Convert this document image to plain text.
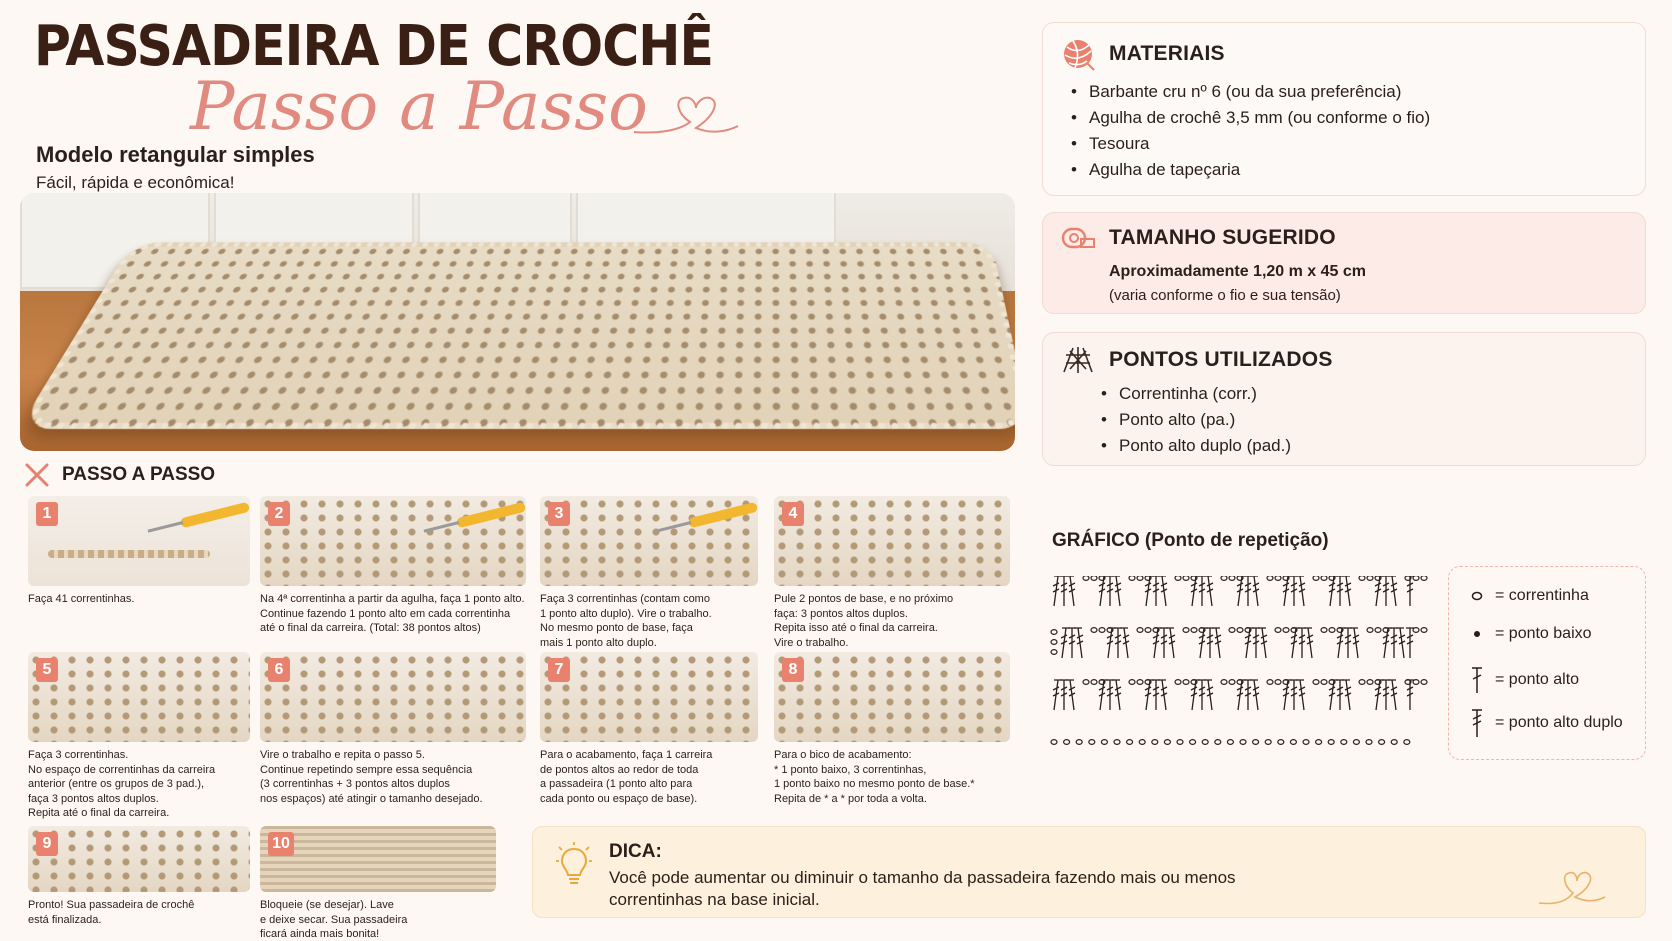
PASSADEIRA DE CROCHÊ
Passo a Passo
Modelo retangular simples
Fácil, rápida e econômica!
PASSO A PASSO
1
Faça 41 correntinhas.
2
Na 4ª correntinha a partir da agulha, faça 1 ponto alto.
Continue fazendo 1 ponto alto em cada correntinha
até o final da carreira. (Total: 38 pontos altos)
3
Faça 3 correntinhas (contam como
1 ponto alto duplo). Vire o trabalho.
No mesmo ponto de base, faça
mais 1 ponto alto duplo.
4
Pule 2 pontos de base, e no próximo
faça: 3 pontos altos duplos.
Repita isso até o final da carreira.
Vire o trabalho.
5
Faça 3 correntinhas.
No espaço de correntinhas da carreira
anterior (entre os grupos de 3 pad.),
faça 3 pontos altos duplos.
Repita até o final da carreira.
6
Vire o trabalho e repita o passo 5.
Continue repetindo sempre essa sequência
(3 correntinhas + 3 pontos altos duplos
nos espaços) até atingir o tamanho desejado.
7
Para o acabamento, faça 1 carreira
de pontos altos ao redor de toda
a passadeira (1 ponto alto para
cada ponto ou espaço de base).
8
Para o bico de acabamento:
* 1 ponto baixo, 3 correntinhas,
1 ponto baixo no mesmo ponto de base.*
Repita de * a * por toda a volta.
9
Pronto! Sua passadeira de crochê
está finalizada.
10
Bloqueie (se desejar). Lave
e deixe secar. Sua passadeira
ficará ainda mais bonita!
MATERIAIS
• Barbante cru nº 6 (ou da sua preferência)
• Agulha de crochê 3,5 mm (ou conforme o fio)
• Tesoura
• Agulha de tapeçaria
TAMANHO SUGERIDO
Aproximadamente 1,20 m x 45 cm
(varia conforme o fio e sua tensão)
PONTOS UTILIZADOS
• Correntinha (corr.)
• Ponto alto (pa.)
• Ponto alto duplo (pad.)
GRÁFICO (Ponto de repetição)
= correntinha
= ponto baixo
= ponto alto
= ponto alto duplo
DICA:
Você pode aumentar ou diminuir o tamanho da passadeira fazendo mais ou menos correntinhas na base inicial.
